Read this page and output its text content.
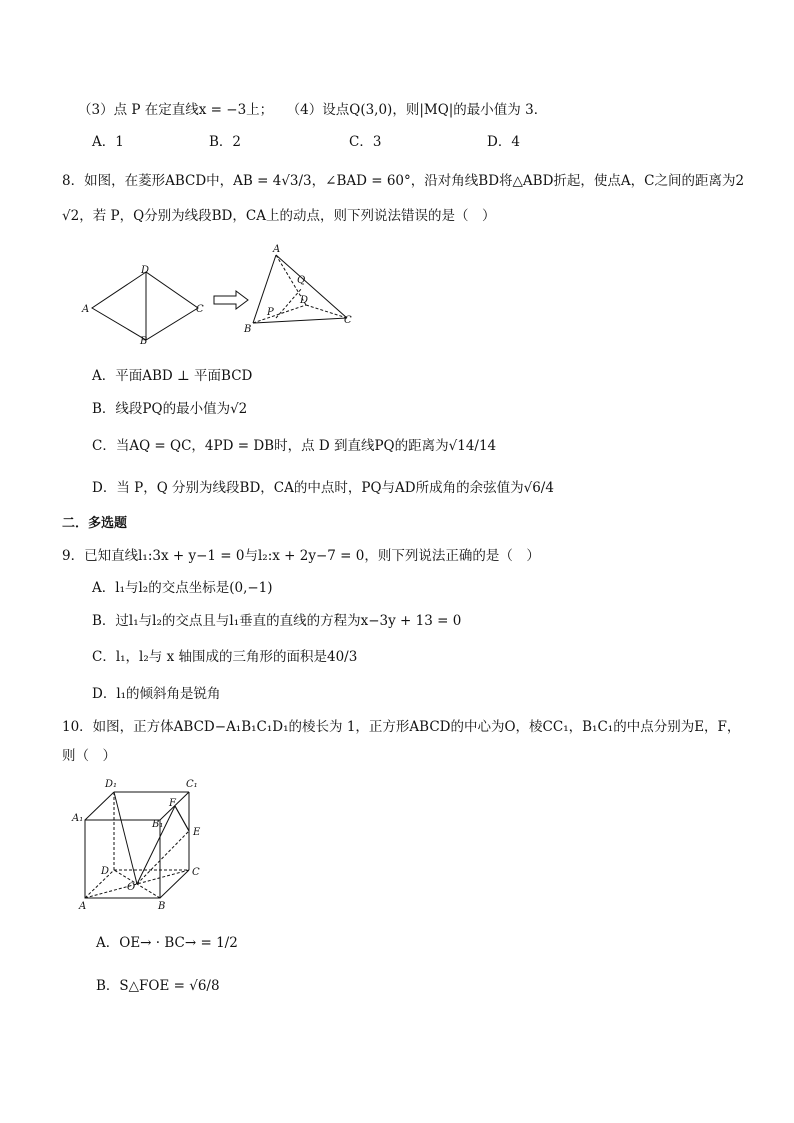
（3）点 P 在定直线x = −3上；　　（4）设点Q(3,0)，则|MQ|的最小值为 3．
A．1	B．2	C．3	D．4
8．如图，在菱形ABCD中，AB = 4√3/3，∠BAD = 60°，沿对角线BD将△ABD折起，使点A，C之间的距离为2
√2，若 P，Q分别为线段BD，CA上的动点，则下列说法错误的是（　）
D
A	C
B
A
Q
D
P
C
B
A．平面ABD ⊥ 平面BCD
B．线段PQ的最小值为√2
C．当AQ = QC，4PD = DB时，点 D 到直线PQ的距离为√14/14
D．当 P，Q 分别为线段BD，CA的中点时，PQ与AD所成角的余弦值为√6/4
二．多选题
9．已知直线l₁:3x + y−1 = 0与l₂:x + 2y−7 = 0，则下列说法正确的是（　）
A．l₁与l₂的交点坐标是(0,−1)
B．过l₁与l₂的交点且与l₁垂直的直线的方程为x−3y + 13 = 0
C．l₁，l₂与 x 轴围成的三角形的面积是40/3
D．l₁的倾斜角是锐角
10．如图，正方体ABCD−A₁B₁C₁D₁的棱长为 1，正方形ABCD的中心为O，棱CC₁，B₁C₁的中点分别为E，F，
则（　）
D₁	C₁
A₁
B₁
F
E
D	C
O
A	B
A．OE→ · BC→ = 1/2
B．S△FOE = √6/8
